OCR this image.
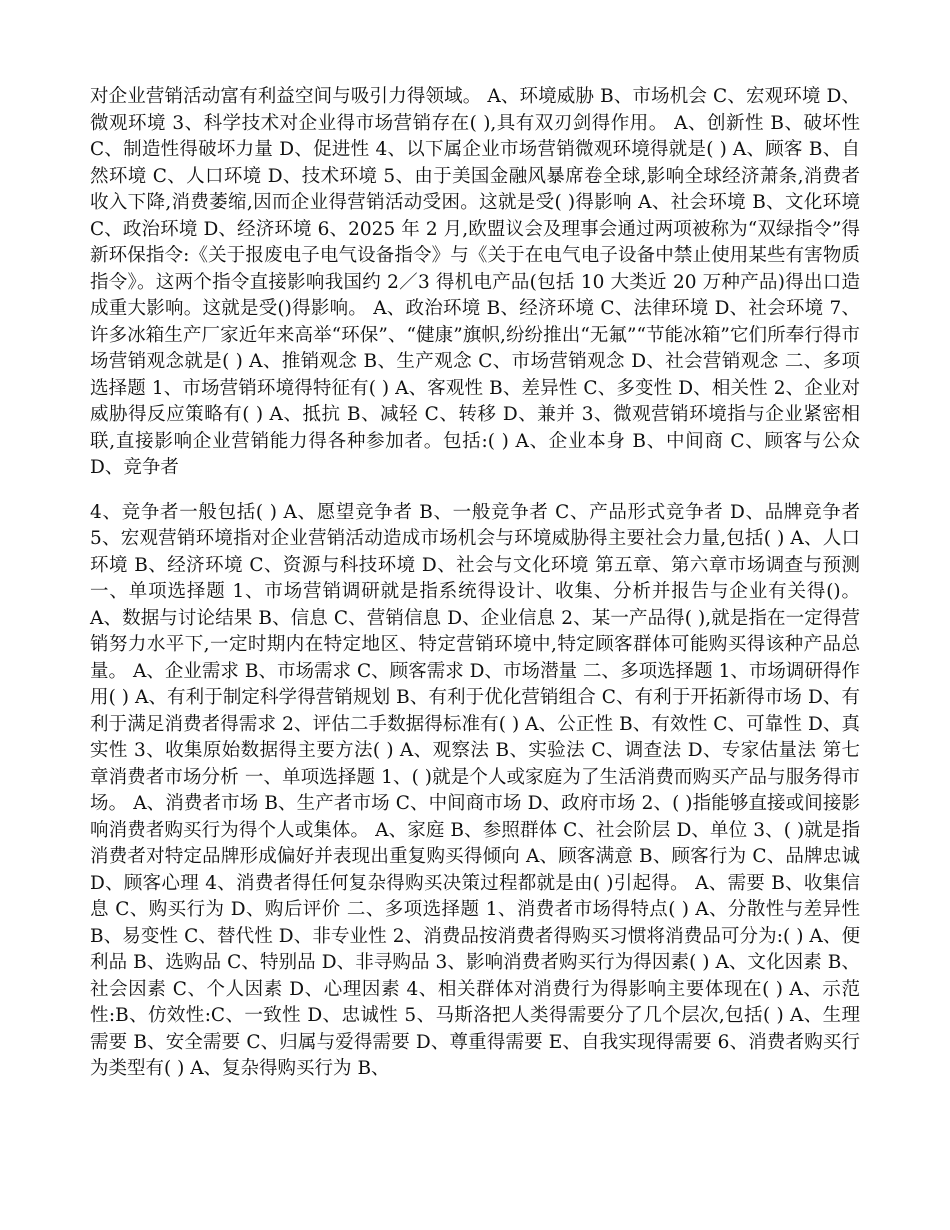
对企业营销活动富有利益空间与吸引力得领域。 A、环境威胁 B、市场机会 C、宏观环境 D、微观环境 3、科学技术对企业得市场营销存在( ),具有双刃剑得作用。 A、创新性 B、破坏性 C、制造性得破坏力量 D、促进性 4、以下属企业市场营销微观环境得就是( ) A、顾客 B、自然环境 C、人口环境 D、技术环境 5、由于美国金融风暴席卷全球,影响全球经济萧条,消费者收入下降,消费萎缩,因而企业得营销活动受困。这就是受( )得影响 A、社会环境 B、文化环境 C、政治环境 D、经济环境 6、2025 年 2 月,欧盟议会及理事会通过两项被称为“双绿指令”得新环保指令:《关于报废电子电气设备指令》与《关于在电气电子设备中禁止使用某些有害物质指令》。这两个指令直接影响我国约 2／3 得机电产品(包括 10 大类近 20 万种产品)得出口造成重大影响。这就是受()得影响。 A、政治环境 B、经济环境 C、法律环境 D、社会环境 7、许多冰箱生产厂家近年来高举“环保”、“健康”旗帜,纷纷推出“无氟”“节能冰箱”它们所奉行得市场营销观念就是( ) A、推销观念 B、生产观念 C、市场营销观念 D、社会营销观念 二、多项选择题 1、市场营销环境得特征有( ) A、客观性 B、差异性 C、多变性 D、相关性 2、企业对威胁得反应策略有( ) A、抵抗 B、减轻 C、转移 D、兼并 3、微观营销环境指与企业紧密相联,直接影响企业营销能力得各种参加者。包括:( ) A、企业本身 B、中间商 C、顾客与公众 D、竞争者

4、竞争者一般包括( ) A、愿望竞争者 B、一般竞争者 C、产品形式竞争者 D、品牌竞争者 5、宏观营销环境指对企业营销活动造成市场机会与环境威胁得主要社会力量,包括( ) A、人口环境 B、经济环境 C、资源与科技环境 D、社会与文化环境 第五章、第六章市场调查与预测 一、单项选择题 1、市场营销调研就是指系统得设计、收集、分析并报告与企业有关得()。 A、数据与讨论结果 B、信息 C、营销信息 D、企业信息 2、某一产品得( ),就是指在一定得营销努力水平下,一定时期内在特定地区、特定营销环境中,特定顾客群体可能购买得该种产品总量。 A、企业需求 B、市场需求 C、顾客需求 D、市场潜量 二、多项选择题 1、市场调研得作用( ) A、有利于制定科学得营销规划 B、有利于优化营销组合 C、有利于开拓新得市场 D、有利于满足消费者得需求 2、评估二手数据得标准有( ) A、公正性 B、有效性 C、可靠性 D、真实性 3、收集原始数据得主要方法( ) A、观察法 B、实验法 C、调查法 D、专家估量法 第七章消费者市场分析 一、单项选择题 1、( )就是个人或家庭为了生活消费而购买产品与服务得市场。 A、消费者市场 B、生产者市场 C、中间商市场 D、政府市场 2、( )指能够直接或间接影响消费者购买行为得个人或集体。 A、家庭 B、参照群体 C、社会阶层 D、单位 3、( )就是指消费者对特定品牌形成偏好并表现出重复购买得倾向 A、顾客满意 B、顾客行为 C、品牌忠诚 D、顾客心理 4、消费者得任何复杂得购买决策过程都就是由( )引起得。 A、需要 B、收集信息 C、购买行为 D、购后评价 二、多项选择题 1、消费者市场得特点( ) A、分散性与差异性 B、易变性 C、替代性 D、非专业性 2、消费品按消费者得购买习惯将消费品可分为:( ) A、便利品 B、选购品 C、特别品 D、非寻购品 3、影响消费者购买行为得因素( ) A、文化因素 B、社会因素 C、个人因素 D、心理因素 4、相关群体对消费行为得影响主要体现在( ) A、示范性:B、仿效性:C、一致性 D、忠诚性 5、马斯洛把人类得需要分了几个层次,包括( ) A、生理需要 B、安全需要 C、归属与爱得需要 D、尊重得需要 E、自我实现得需要 6、消费者购买行为类型有( ) A、复杂得购买行为 B、
